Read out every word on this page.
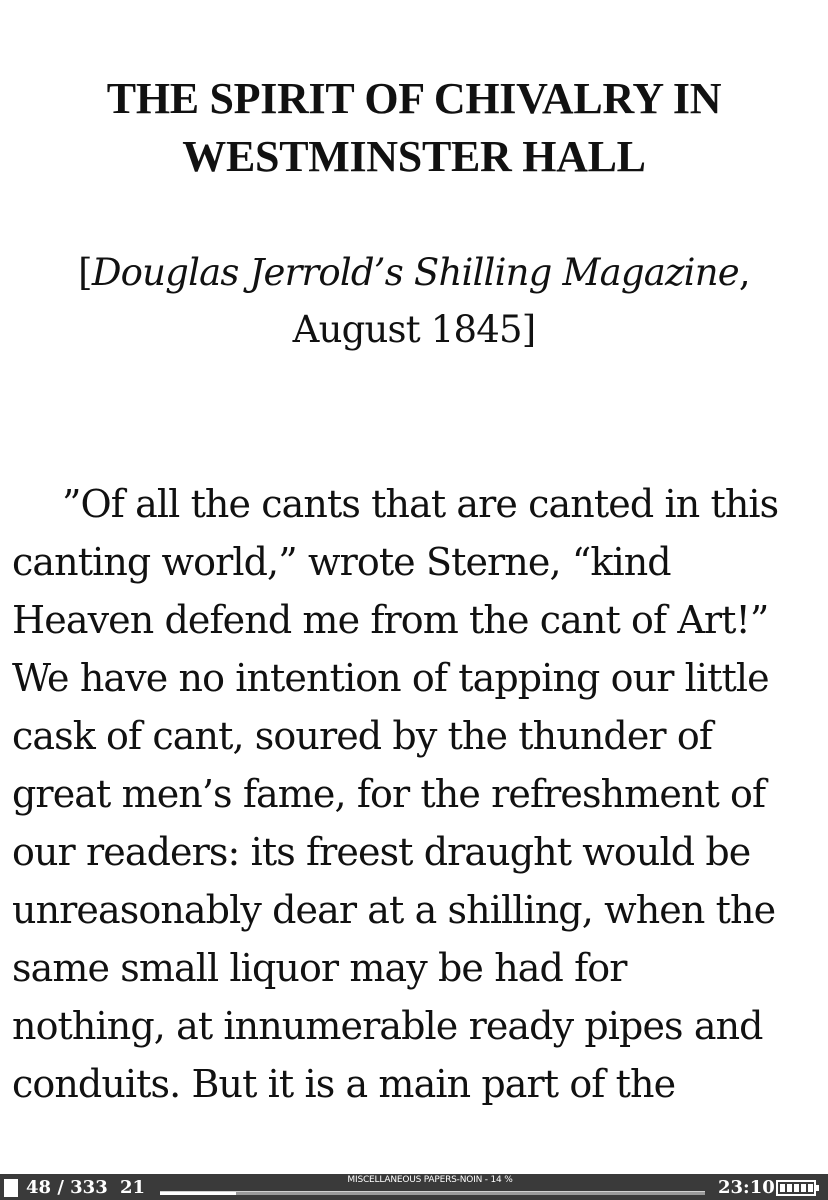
THE SPIRIT OF CHIVALRY IN
WESTMINSTER HALL

[Douglas Jerrold’s Shilling Magazine,
August 1845]

”Of all the cants that are canted in this
canting world,” wrote Sterne, “kind
Heaven defend me from the cant of Art!”
We have no intention of tapping our little
cask of cant, soured by the thunder of
great men’s fame, for the refreshment of
our readers: its freest draught would be
unreasonably dear at a shilling, when the
same small liquor may be had for
nothing, at innumerable ready pipes and
conduits. But it is a main part of the
48 / 333 21	MISCELLANEOUS PAPERS-NOIN - 14 %	23:10
